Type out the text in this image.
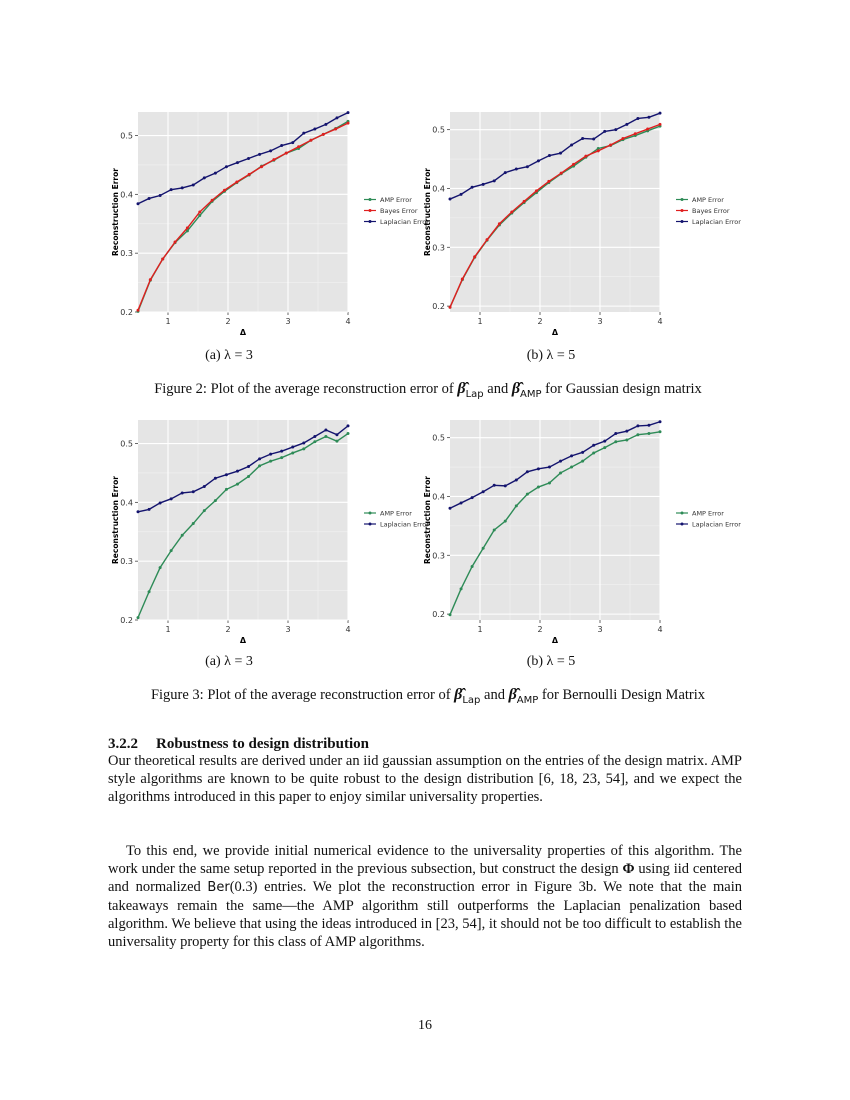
1	2	3	4
0.2
0.3
0.4
0.5
Δ
Reconstruction Error	AMP Error
Bayes Error
Laplacian Error
1	2	3	4
0.2
0.3
0.4
0.5
Δ
Reconstruction Error	AMP Error
Bayes Error
Laplacian Error
(a) λ = 3	(b) λ = 5
Figure 2: Plot of the average reconstruction error of $\betâ_{Lap}$ and $\betâ_{AMP}$ for Gaussian design matrix
1	2	3	4
0.2
0.3
0.4
0.5
Δ
Reconstruction Error	AMP Error
Laplacian Error
1	2	3	4
0.2
0.3
0.4
0.5
Δ
Reconstruction Error	AMP Error
Laplacian Error
(a) λ = 3	(b) λ = 5
Figure 3: Plot of the average reconstruction error of $\betâ_{Lap}$ and $\betâ_{AMP}$ for Bernoulli Design Matrix
3.2.2 Robustness to design distribution

Our theoretical results are derived under an iid gaussian assumption on the entries of the design matrix. AMP style algorithms are known to be quite robust to the design distribution [6, 18, 23, 54], and we expect the algorithms introduced in this paper to enjoy similar universality properties.

To this end, we provide initial numerical evidence to the universality properties of this algorithm. The work under the same setup reported in the previous subsection, but construct the design Φ using iid centered and normalized Ber(0.3) entries. We plot the reconstruction error in Figure 3b. We note that the main takeaways remain the same—the AMP algorithm still outperforms the Laplacian penalization based algorithm. We believe that using the ideas introduced in [23, 54], it should not be too difficult to establish the universality property for this class of AMP algorithms.

16
